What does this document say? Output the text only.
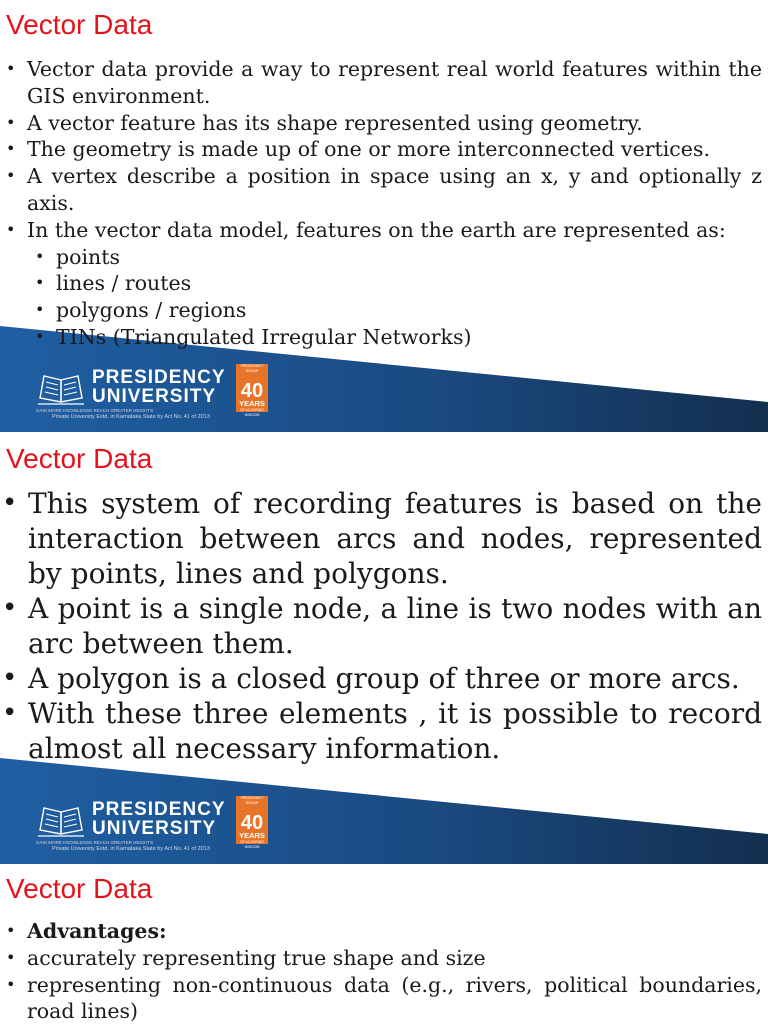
Vector Data
• Vector data provide a way to represent real world features within the GIS environment.
• A vector feature has its shape represented using geometry.
• The geometry is made up of one or more interconnected vertices.
• A vertex describe a position in space using an x, y and optionally z axis.
• In the vector data model, features on the earth are represented as:
• points
• lines / routes
• polygons / regions
• TINs (Triangulated Irregular Networks)
PRESIDENCY
UNIVERSITY
GAIN MORE KNOWLEDGE REACH GREATER HEIGHTS
Private University Estd. in Karnataka State by Act No. 41 of 2013
PRESIDENCY GROUP
40
YEARS
OF ACADEMIC WISDOM
Vector Data
• This system of recording features is based on the interaction between arcs and nodes, represented by points, lines and polygons.
• A point is a single node, a line is two nodes with an arc between them.
• A polygon is a closed group of three or more arcs.
• With these three elements , it is possible to record almost all necessary information.
PRESIDENCY
UNIVERSITY
GAIN MORE KNOWLEDGE REACH GREATER HEIGHTS
Private University Estd. in Karnataka State by Act No. 41 of 2013
PRESIDENCY GROUP
40
YEARS
OF ACADEMIC WISDOM
Vector Data
• Advantages:
• accurately representing true shape and size
• representing non-continuous data (e.g., rivers, political boundaries, road lines)
